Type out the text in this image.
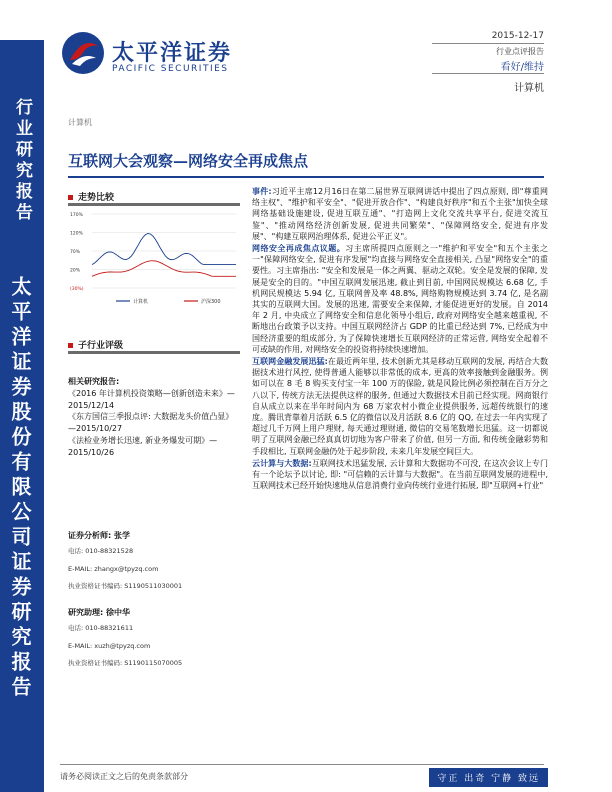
行业研究报告
太平洋证券股份有限公司证券研究报告
太平洋证券
PACIFIC SECURITIES
2015-12-17
行业点评报告
看好/维持
计算机
计算机
互联网大会观察—网络安全再成焦点
走势比较
170%
120%
70%
20%
(30%)
计算机	沪深300
子行业评级
相关研究报告:
《2016 年计算机投资策略—创新创造未来》—2015/12/14
《东方国信三季报点评: 大数据龙头价值凸显》—2015/10/27
《法检业务增长迅速, 新业务爆发可期》—2015/10/26
证券分析师: 张学
电话: 010-88321528
E-MAIL: zhangx@tpyzq.com
执业资格证书编码: S1190511030001
研究助理: 徐中华
电话: 010-88321611
E-MAIL: xuzh@tpyzq.com
执业资格证书编码: S1190115070005

事件:习近平主席12月16日在第二届世界互联网讲话中提出了四点原则, 即"尊重网络主权"、"维护和平安全"、"促进开放合作"、"构建良好秩序"和五个主张"加快全球网络基础设施建设, 促进互联互通"、"打造网上文化交流共享平台, 促进交流互鉴"、"推动网络经济创新发展, 促进共同繁荣"、"保障网络安全, 促进有序发展"、"构建互联网治理体系, 促进公平正义"。

网络安全再成焦点议题。习主席所提四点原则之一"维护和平安全"和五个主张之一"保障网络安全, 促进有序发展"均直接与网络安全直接相关, 凸显"网络安全"的重要性。习主席指出: "安全和发展是一体之两翼、驱动之双轮。安全是发展的保障, 发展是安全的目的。"中国互联网发展迅速, 截止到目前, 中国网民规模达 6.68 亿, 手机网民规模达 5.94 亿, 互联网普及率 48.8%, 网络购物规模达到 3.74 亿, 是名副其实的互联网大国。发展的迅速, 需要安全来保障, 才能促进更好的发展。自 2014 年 2 月, 中央成立了网络安全和信息化领导小组后, 政府对网络安全越来越重视, 不断地出台政策予以支持。中国互联网经济占 GDP 的比重已经达到 7%, 已经成为中国经济重要的组成部分, 为了保障快速增长互联网经济的正常运营, 网络安全起着不可或缺的作用, 对网络安全的投资将持续快速增加。

互联网金融发展迅猛:在最近两年里, 技术创新尤其是移动互联网的发展, 再结合大数据技术进行风控, 使得普通人能够以非常低的成本, 更高的效率接触到金融服务。例如可以在 8 毛 8 购买支付宝一年 100 万的保险, 就是风险比例必须控制在百万分之八以下, 传统方法无法提供这样的服务, 但通过大数据技术目前已经实现。网商银行自从成立以来在半年时间内为 68 万家农村小微企业提供服务, 远超传统银行的速度。腾讯背靠着月活跃 6.5 亿的微信以及月活跃 8.6 亿的 QQ, 在过去一年内实现了超过几千万网上用户理财, 每天通过理财通, 微信的交易笔数增长迅猛。这一切都说明了互联网金融已经真真切切地为客户带来了价值, 但另一方面, 和传统金融彩势和手段相比, 互联网金融仍处于起步阶段, 未来几年发展空间巨大。

云计算与大数据:互联网技术迅猛发展, 云计算和大数据功不可没, 在这次会议上专门有一个论坛予以讨论, 即: "可信赖的云计算与大数据"。在当前互联网发展的进程中, 互联网技术已经开始快速地从信息消费行业向传统行业进行拓展, 即"互联网+行业"

请务必阅读正文之后的免责条款部分	守正 出奇 宁静 致远
